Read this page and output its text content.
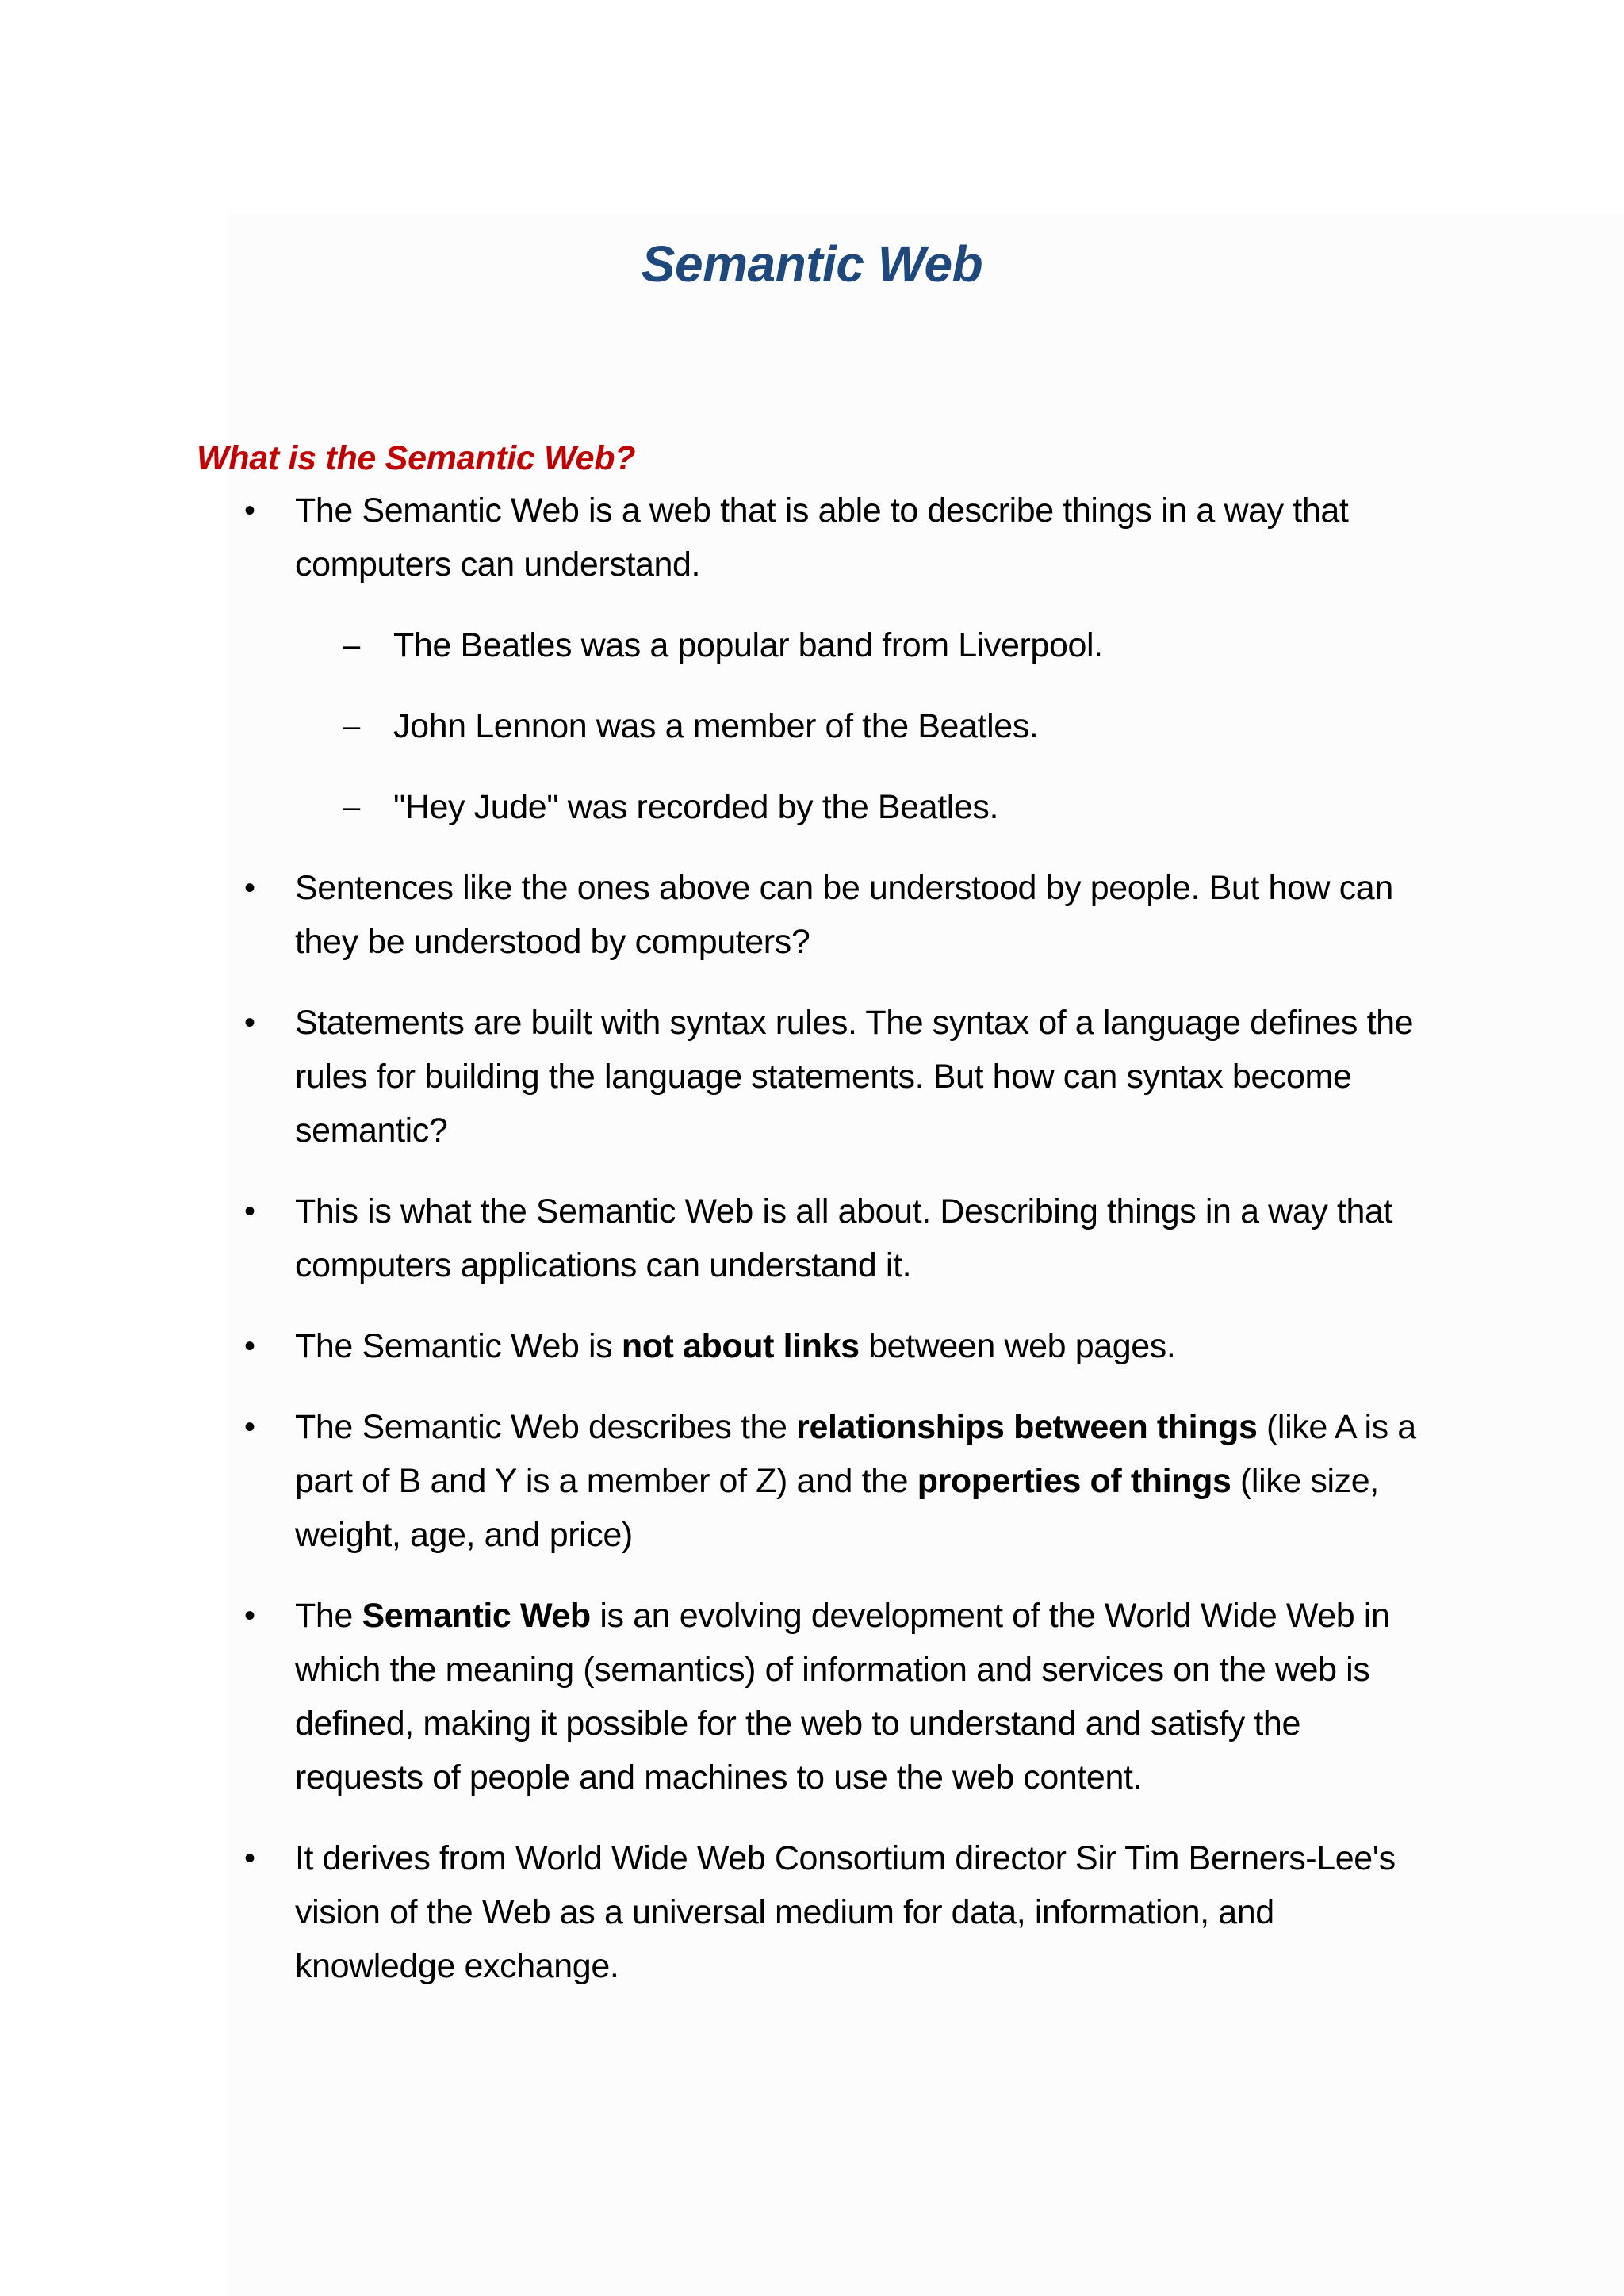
Semantic Web
What is the Semantic Web?
• The Semantic Web is a web that is able to describe things in a way that computers can understand.
– The Beatles was a popular band from Liverpool.
– John Lennon was a member of the Beatles.
– "Hey Jude" was recorded by the Beatles.
• Sentences like the ones above can be understood by people. But how can they be understood by computers?
• Statements are built with syntax rules. The syntax of a language defines the rules for building the language statements. But how can syntax become semantic?
• This is what the Semantic Web is all about. Describing things in a way that computers applications can understand it.
• The Semantic Web is not about links between web pages.
• The Semantic Web describes the relationships between things (like A is a part of B and Y is a member of Z) and the properties of things (like size, weight, age, and price)
• The Semantic Web is an evolving development of the World Wide Web in which the meaning (semantics) of information and services on the web is defined, making it possible for the web to understand and satisfy the requests of people and machines to use the web content.
• It derives from World Wide Web Consortium director Sir Tim Berners-Lee's vision of the Web as a universal medium for data, information, and knowledge exchange.
